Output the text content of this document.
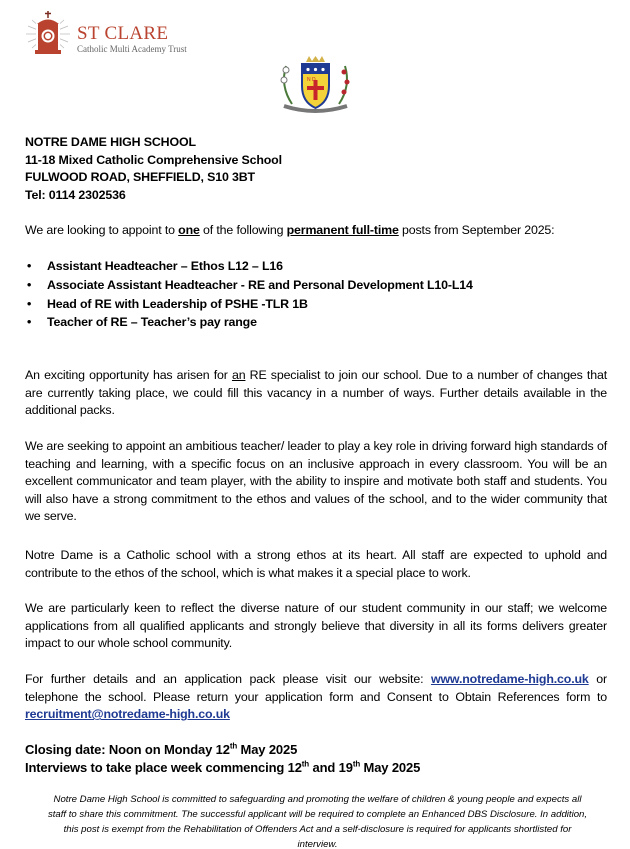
ST CLARE
Catholic Multi Academy Trust
N D
NOTRE DAME HIGH SCHOOL
11-18 Mixed Catholic Comprehensive School
FULWOOD ROAD, SHEFFIELD, S10 3BT
Tel: 0114 2302536
We are looking to appoint to one of the following permanent full-time posts from September 2025:
• Assistant Headteacher – Ethos L12 – L16
• Associate Assistant Headteacher - RE and Personal Development L10-L14
• Head of RE with Leadership of PSHE -TLR 1B
• Teacher of RE – Teacher’s pay range
An exciting opportunity has arisen for an RE specialist to join our school. Due to a number of changes that are currently taking place, we could fill this vacancy in a number of ways. Further details available in the additional packs.
We are seeking to appoint an ambitious teacher/ leader to play a key role in driving forward high standards of teaching and learning, with a specific focus on an inclusive approach in every classroom. You will be an excellent communicator and team player, with the ability to inspire and motivate both staff and students. You will also have a strong commitment to the ethos and values of the school, and to the wider community that we serve.
Notre Dame is a Catholic school with a strong ethos at its heart. All staff are expected to uphold and contribute to the ethos of the school, which is what makes it a special place to work.
We are particularly keen to reflect the diverse nature of our student community in our staff; we welcome applications from all qualified applicants and strongly believe that diversity in all its forms delivers greater impact to our whole school community.
For further details and an application pack please visit our website: www.notredame-high.co.uk or telephone the school. Please return your application form and Consent to Obtain References form to recruitment@notredame-high.co.uk
Closing date: Noon on Monday 12th May 2025
Interviews to take place week commencing 12th and 19th May 2025
Notre Dame High School is committed to safeguarding and promoting the welfare of children & young people and expects all staff to share this commitment. The successful applicant will be required to complete an Enhanced DBS Disclosure. In addition, this post is exempt from the Rehabilitation of Offenders Act and a self-disclosure is required for applicants shortlisted for interview.
